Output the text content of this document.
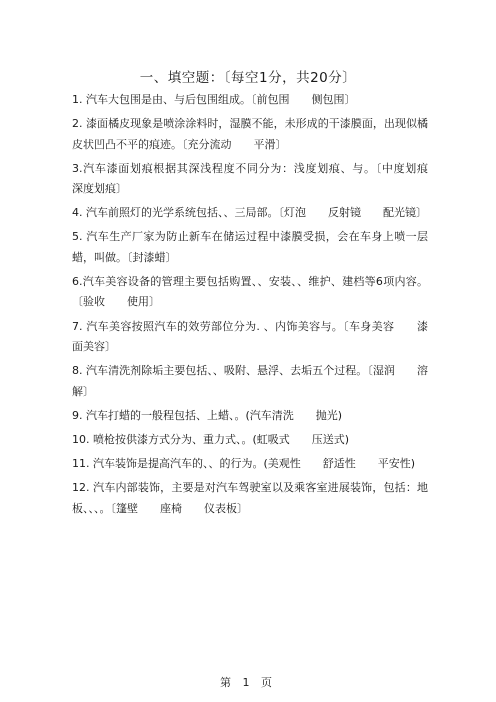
一、填空题：〔每空1分，共20分〕
1. 汽车大包围是由、与后包围组成。〔前包围　　侧包围〕
2. 漆面橘皮现象是喷涂涂料时，湿膜不能，未形成的干漆膜面，出现似橘皮状凹凸不平的痕迹。〔充分流动　　平滑〕
3.汽车漆面划痕根据其深浅程度不同分为：浅度划痕、与。〔中度划痕　　深度划痕〕
4. 汽车前照灯的光学系统包括、、三局部。〔灯泡　　反射镜　　配光镜〕
5. 汽车生产厂家为防止新车在储运过程中漆膜受损，会在车身上喷一层蜡，叫做。〔封漆蜡〕
6.汽车美容设备的管理主要包括购置、、安装、、维护、建档等6项内容。〔验收　　使用〕
7. 汽车美容按照汽车的效劳部位分为. 、内饰美容与。〔车身美容　　漆面美容〕
8. 汽车清洗剂除垢主要包括、、吸附、悬浮、去垢五个过程。〔湿润　　溶解〕
9. 汽车打蜡的一般程包括、上蜡、。(汽车清洗　　抛光)
10. 喷枪按供漆方式分为、重力式、。(虹吸式　　压送式)
11. 汽车装饰是提高汽车的、、的行为。(美观性　　舒适性　　平安性)
12. 汽车内部装饰，主要是对汽车驾驶室以及乘客室进展装饰，包括：地板、、、。〔篷壁　　座椅　　仪表板〕
第 1 页
